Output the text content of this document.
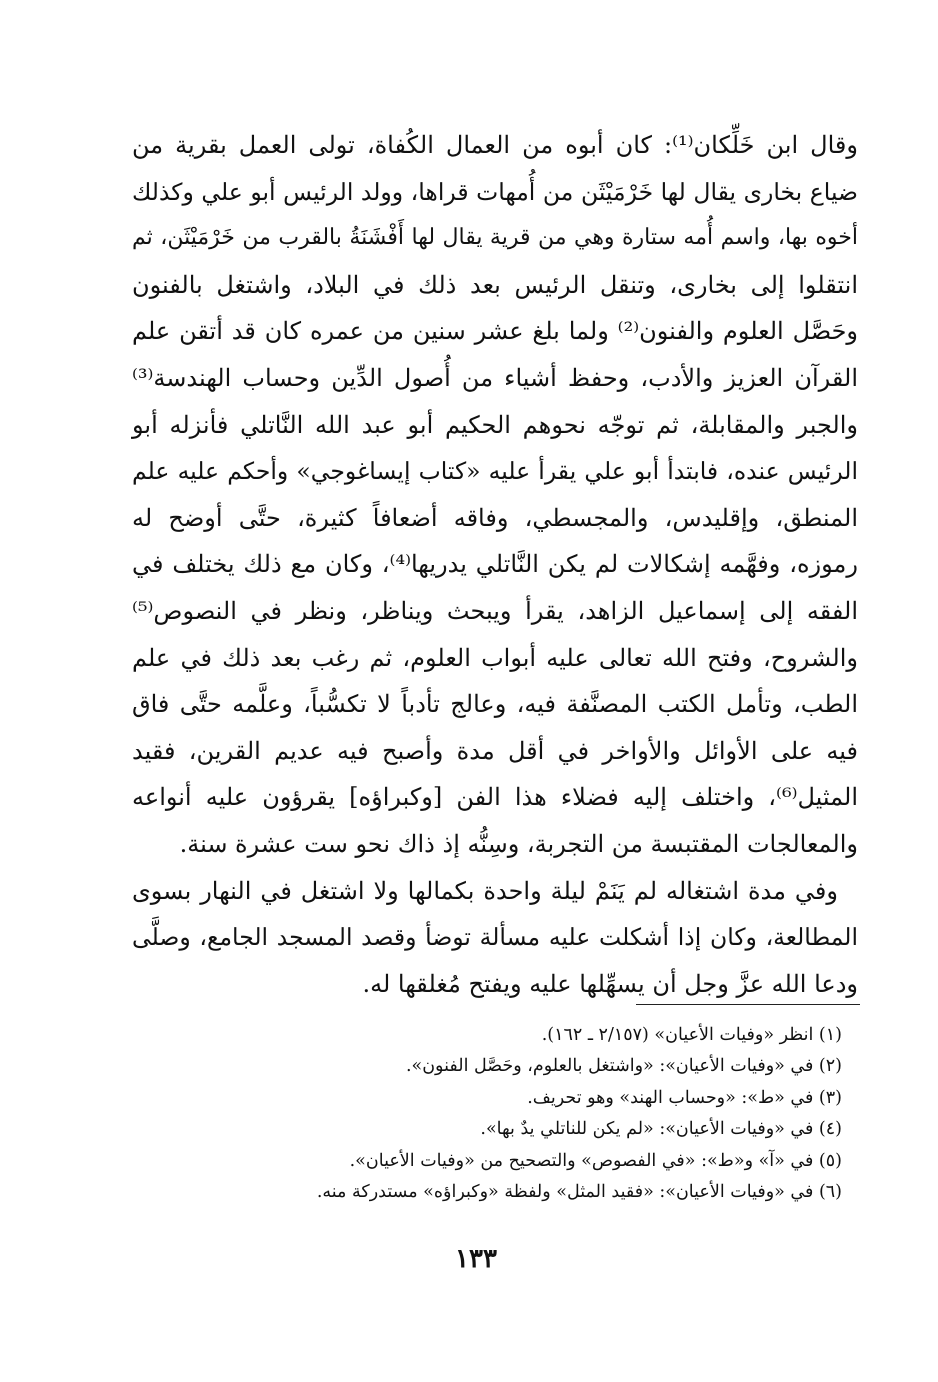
وقال ابن خَلِّكان⁽¹⁾: كان أبوه من العمال الكُفاة، تولى العمل بقرية من
ضياع بخارى يقال لها خَرْمَيْثَن من أُمهات قراها، وولد الرئيس أبو علي وكذلك
أخوه بها، واسم أُمه ستارة وهي من قرية يقال لها أَفْشَنَةُ بالقرب من خَرْمَيْثَن، ثم
انتقلوا إلى بخارى، وتنقل الرئيس بعد ذلك في البلاد، واشتغل بالفنون
وحَصَّل العلوم والفنون⁽²⁾ ولما بلغ عشر سنين من عمره كان قد أتقن علم
القرآن العزيز والأدب، وحفظ أشياء من أُصول الدِّين وحساب الهندسة⁽³⁾
والجبر والمقابلة، ثم توجّه نحوهم الحكيم أبو عبد الله النَّاتلي فأنزله أبو
الرئيس عنده، فابتدأ أبو علي يقرأ عليه «كتاب إيساغوجي» وأحكم عليه علم
المنطق، وإقليدس، والمجسطي، وفاقه أضعافاً كثيرة، حتَّى أوضح له
رموزه، وفهَّمه إشكالات لم يكن النَّاتلي يدريها⁽⁴⁾، وكان مع ذلك يختلف في
الفقه إلى إسماعيل الزاهد، يقرأ ويبحث ويناظر، ونظر في النصوص⁽⁵⁾
والشروح، وفتح الله تعالى عليه أبواب العلوم، ثم رغب بعد ذلك في علم
الطب، وتأمل الكتب المصنَّفة فيه، وعالج تأدباً لا تكسُّباً، وعلَّمه حتَّى فاق
فيه على الأوائل والأواخر في أقل مدة وأصبح فيه عديم القرين، فقيد
المثيل⁽⁶⁾، واختلف إليه فضلاء هذا الفن [وكبراؤه] يقرؤون عليه أنواعه
والمعالجات المقتبسة من التجربة، وسِنُّه إذ ذاك نحو ست عشرة سنة.
وفي مدة اشتغاله لم يَنَمْ ليلة واحدة بكمالها ولا اشتغل في النهار بسوى
المطالعة، وكان إذا أشكلت عليه مسألة توضأ وقصد المسجد الجامع، وصلَّى
ودعا الله عزَّ وجل أن يسهِّلها عليه ويفتح مُغلقها له.
(١) انظر «وفيات الأعيان» (٢/١٥٧ ـ ١٦٢).
(٢) في «وفيات الأعيان»: «واشتغل بالعلوم، وحَصَّل الفنون».
(٣) في «ط»: «وحساب الهند» وهو تحريف.
(٤) في «وفيات الأعيان»: «لم يكن للناتلي يدٌ بها».
(٥) في «آ» و«ط»: «في الفصوص» والتصحيح من «وفيات الأعيان».
(٦) في «وفيات الأعيان»: «فقيد المثل» ولفظة «وكبراؤه» مستدركة منه.
١٣٣
